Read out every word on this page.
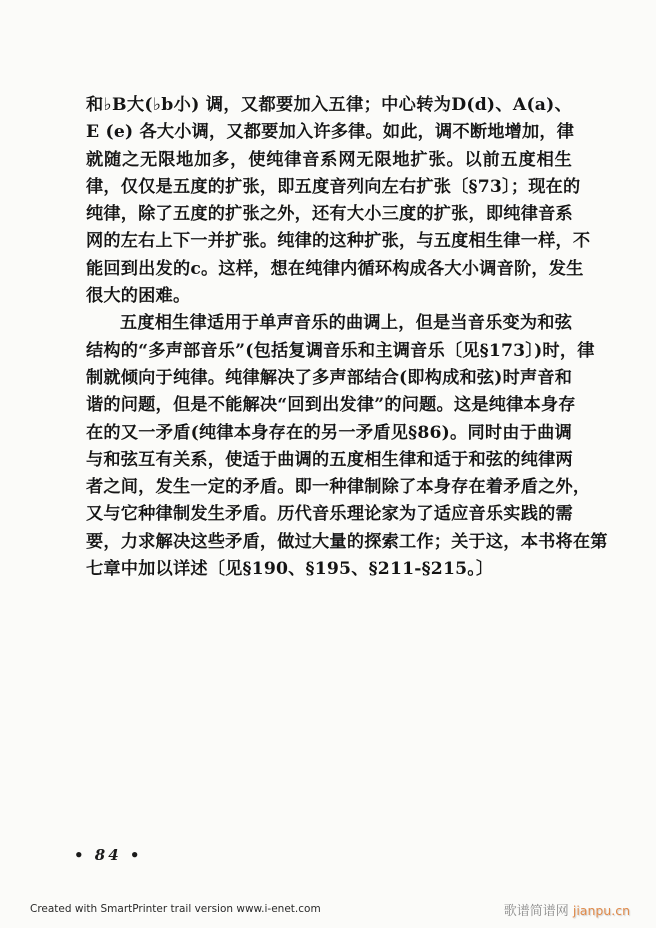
和♭B大(♭b小) 调，又都要加入五律；中心转为D(d)、A(a)、
E (e) 各大小调，又都要加入许多律。如此，调不断地增加，律
就随之无限地加多，使纯律音系网无限地扩张。以前五度相生
律，仅仅是五度的扩张，即五度音列向左右扩张〔§73〕；现在的
纯律，除了五度的扩张之外，还有大小三度的扩张，即纯律音系
网的左右上下一并扩张。纯律的这种扩张，与五度相生律一样，不
能回到出发的c。这样，想在纯律内循环构成各大小调音阶，发生
很大的困难。
五度相生律适用于单声音乐的曲调上，但是当音乐变为和弦
结构的“多声部音乐”(包括复调音乐和主调音乐〔见§173〕)时，律
制就倾向于纯律。纯律解决了多声部结合(即构成和弦)时声音和
谐的问题，但是不能解决“回到出发律”的问题。这是纯律本身存
在的又一矛盾(纯律本身存在的另一矛盾见§86)。同时由于曲调
与和弦互有关系，使适于曲调的五度相生律和适于和弦的纯律两
者之间，发生一定的矛盾。即一种律制除了本身存在着矛盾之外，
又与它种律制发生矛盾。历代音乐理论家为了适应音乐实践的需
要，力求解决这些矛盾，做过大量的探索工作；关于这，本书将在第
七章中加以详述〔见§190、§195、§211-§215。〕
• 84 •
Created with SmartPrinter trail version www.i-enet.com	歌谱简谱网 jianpu.cn
